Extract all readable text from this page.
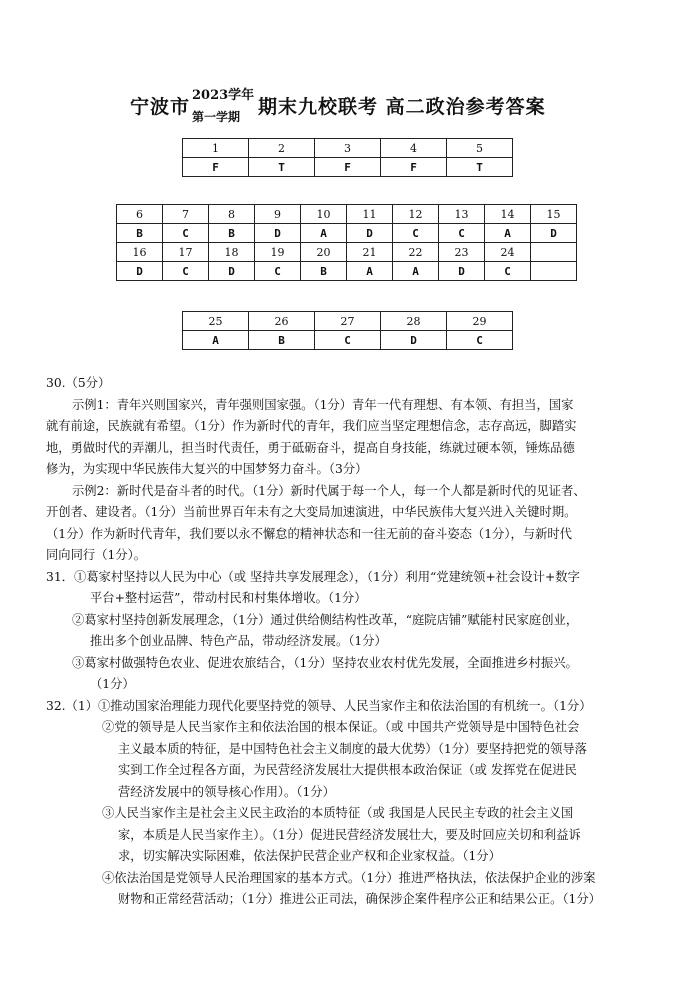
宁波市
2023学年
第一学期 期末九校联考 高二政治参考答案
1	2	3	4	5
F	T	F	F	T
6	7	8	9	10	11	12	13	14	15
B	C	B	D	A	D	C	C	A	D
16	17	18	19	20	21	22	23	24	
D	C	D	C	B	A	A	D	C	
25	26	27	28	29
A	B	C	D	C
30.（5分）
示例1：青年兴则国家兴，青年强则国家强。（1分）青年一代有理想、有本领、有担当，国家
就有前途，民族就有希望。（1分）作为新时代的青年，我们应当坚定理想信念，志存高远，脚踏实
地，勇做时代的弄潮儿，担当时代责任，勇于砥砺奋斗，提高自身技能，练就过硬本领，锤炼品德
修为，为实现中华民族伟大复兴的中国梦努力奋斗。（3分）
示例2：新时代是奋斗者的时代。（1分）新时代属于每一个人，每一个人都是新时代的见证者、
开创者、建设者。（1分）当前世界百年未有之大变局加速演进，中华民族伟大复兴进入关键时期。
（1分）作为新时代青年，我们要以永不懈怠的精神状态和一往无前的奋斗姿态（1分），与新时代
同向同行（1分）。
31．①葛家村坚持以人民为中心（或 坚持共享发展理念），（1分）利用“党建统领+社会设计+数字
平台+整村运营”，带动村民和村集体增收。（1分）
②葛家村坚持创新发展理念，（1分）通过供给侧结构性改革，“庭院店铺”赋能村民家庭创业，
推出多个创业品牌、特色产品，带动经济发展。（1分）
③葛家村做强特色农业、促进农旅结合，（1分）坚持农业农村优先发展，全面推进乡村振兴。
（1分）
32.（1）①推动国家治理能力现代化要坚持党的领导、人民当家作主和依法治国的有机统一。（1分）
②党的领导是人民当家作主和依法治国的根本保证。（或 中国共产党领导是中国特色社会
主义最本质的特征，是中国特色社会主义制度的最大优势）（1分）要坚持把党的领导落
实到工作全过程各方面，为民营经济发展壮大提供根本政治保证（或 发挥党在促进民
营经济发展中的领导核心作用）。（1分）
③人民当家作主是社会主义民主政治的本质特征（或 我国是人民民主专政的社会主义国
家，本质是人民当家作主）。（1分）促进民营经济发展壮大，要及时回应关切和利益诉
求，切实解决实际困难，依法保护民营企业产权和企业家权益。（1分）
④依法治国是党领导人民治理国家的基本方式。（1分）推进严格执法，依法保护企业的涉案
财物和正常经营活动；（1分）推进公正司法，确保涉企案件程序公正和结果公正。（1分）
